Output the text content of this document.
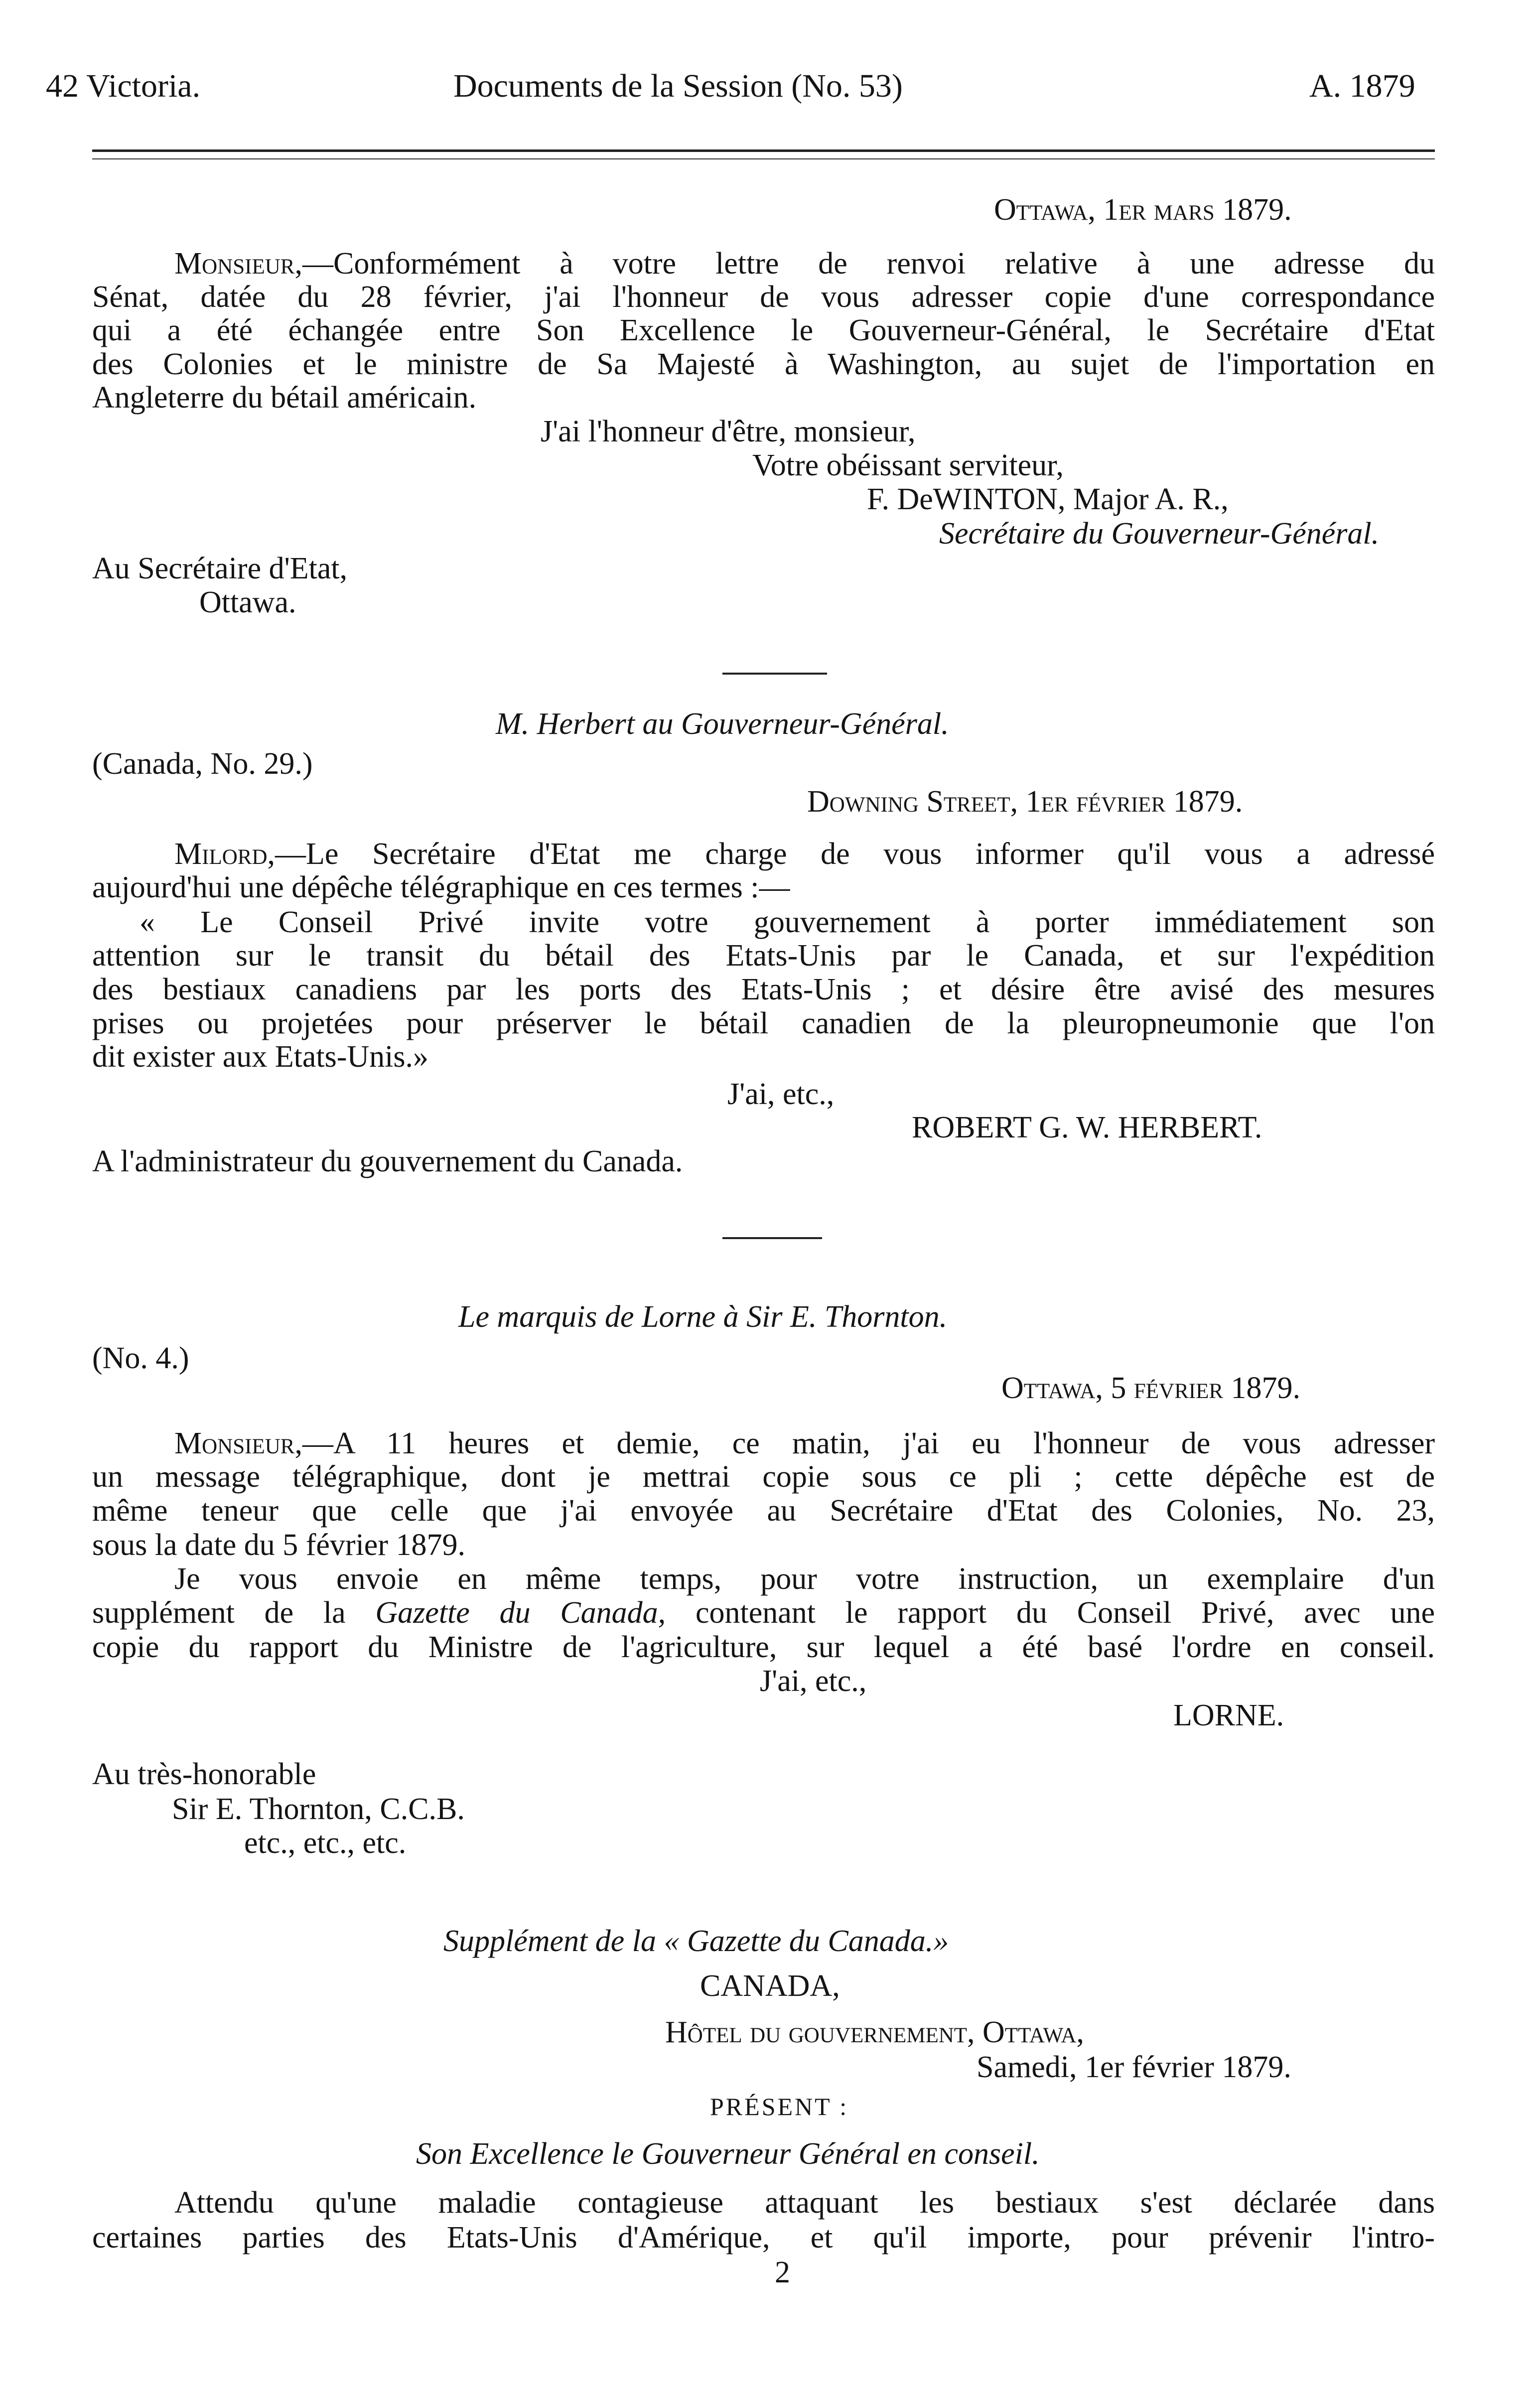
42 Victoria.	Documents de la Session (No. 53)	A. 1879
Ottawa, 1er mars 1879.
Monsieur,—Conformément à votre lettre de renvoi relative à une adresse du
Sénat, datée du 28 février, j'ai l'honneur de vous adresser copie d'une correspondance
qui a été échangée entre Son Excellence le Gouverneur-Général, le Secrétaire d'Etat
des Colonies et le ministre de Sa Majesté à Washington, au sujet de l'importation en
Angleterre du bétail américain.
J'ai l'honneur d'être, monsieur,
Votre obéissant serviteur,
F. DeWINTON, Major A. R.,
Secrétaire du Gouverneur-Général.
Au Secrétaire d'Etat,
Ottawa.
M. Herbert au Gouverneur-Général.
(Canada, No. 29.)
Downing Street, 1er février 1879.
Milord,—Le Secrétaire d'Etat me charge de vous informer qu'il vous a adressé
aujourd'hui une dépêche télégraphique en ces termes :—
« Le Conseil Privé invite votre gouvernement à porter immédiatement son
attention sur le transit du bétail des Etats-Unis par le Canada, et sur l'expédition
des bestiaux canadiens par les ports des Etats-Unis ; et désire être avisé des mesures
prises ou projetées pour préserver le bétail canadien de la pleuropneumonie que l'on
dit exister aux Etats-Unis.»
J'ai, etc.,
ROBERT G. W. HERBERT.
A l'administrateur du gouvernement du Canada.
Le marquis de Lorne à Sir E. Thornton.
(No. 4.)
Ottawa, 5 février 1879.
Monsieur,—A 11 heures et demie, ce matin, j'ai eu l'honneur de vous adresser
un message télégraphique, dont je mettrai copie sous ce pli ; cette dépêche est de
même teneur que celle que j'ai envoyée au Secrétaire d'Etat des Colonies, No. 23,
sous la date du 5 février 1879.
Je vous envoie en même temps, pour votre instruction, un exemplaire d'un
supplément de la Gazette du Canada, contenant le rapport du Conseil Privé, avec une
copie du rapport du Ministre de l'agriculture, sur lequel a été basé l'ordre en conseil.
J'ai, etc.,
LORNE.
Au très-honorable
Sir E. Thornton, C.C.B.
etc., etc., etc.
Supplément de la « Gazette du Canada.»
CANADA,
Hôtel du gouvernement, Ottawa,
Samedi, 1er février 1879.
PRÉSENT :
Son Excellence le Gouverneur Général en conseil.
Attendu qu'une maladie contagieuse attaquant les bestiaux s'est déclarée dans
certaines parties des Etats-Unis d'Amérique, et qu'il importe, pour prévenir l'intro-
2
